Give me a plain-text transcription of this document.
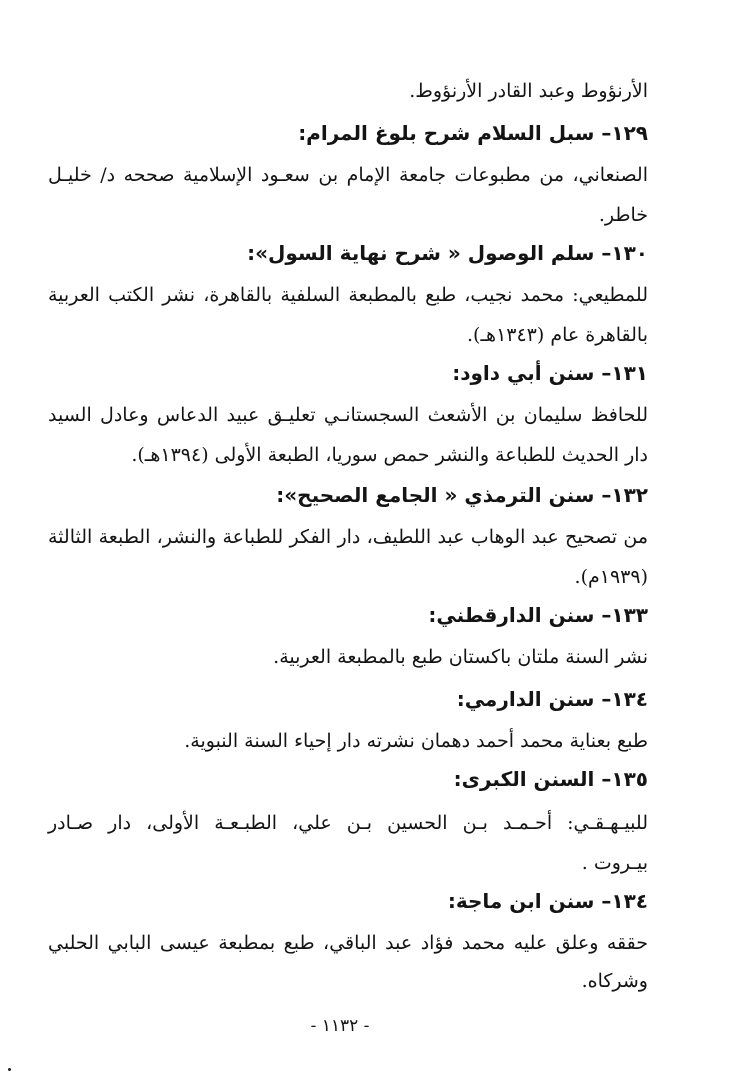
الأرنؤوط وعبد القادر الأرنؤوط.
١٢٩– سبل السلام شرح بلوغ المرام:
الصنعاني، من مطبوعات جامعة الإمام بن سعـود الإسلامية صححه د/ خليـل
خاطر.
١٣٠– سلم الوصول « شرح نهاية السول»:
للمطيعي: محمد نجيب، طبع بالمطبعة السلفية بالقاهرة، نشر الكتب العربية
بالقاهرة عام (١٣٤٣هـ).
١٣١– سنن أبي داود:
للحافظ سليمان بن الأشعث السجستانـي تعليـق عبيد الدعاس وعادل السيد
دار الحديث للطباعة والنشر حمص سوريا، الطبعة الأولى (١٣٩٤هـ).
١٣٢– سنن الترمذي « الجامع الصحيح»:
من تصحيح عبد الوهاب عبد اللطيف، دار الفكر للطباعة والنشر، الطبعة الثالثة
(١٩٣٩م).
١٣٣– سنن الدارقطني:
نشر السنة ملتان باكستان طبع بالمطبعة العربية.
١٣٤– سنن الدارمي:
طبع بعناية محمد أحمد دهمان نشرته دار إحياء السنة النبوية.
١٣٥– السنن الكبرى:
للبيـهـقـي: أحـمـد بـن الحسين بـن علي، الطبـعـة الأولى، دار صـادر
بيـروت .
١٣٤– سنن ابن ماجة:
حققه وعلق عليه محمد فؤاد عبد الباقي، طبع بمطبعة عيسى البابي الحلبي
وشركاه.
- ١١٣٢ -
